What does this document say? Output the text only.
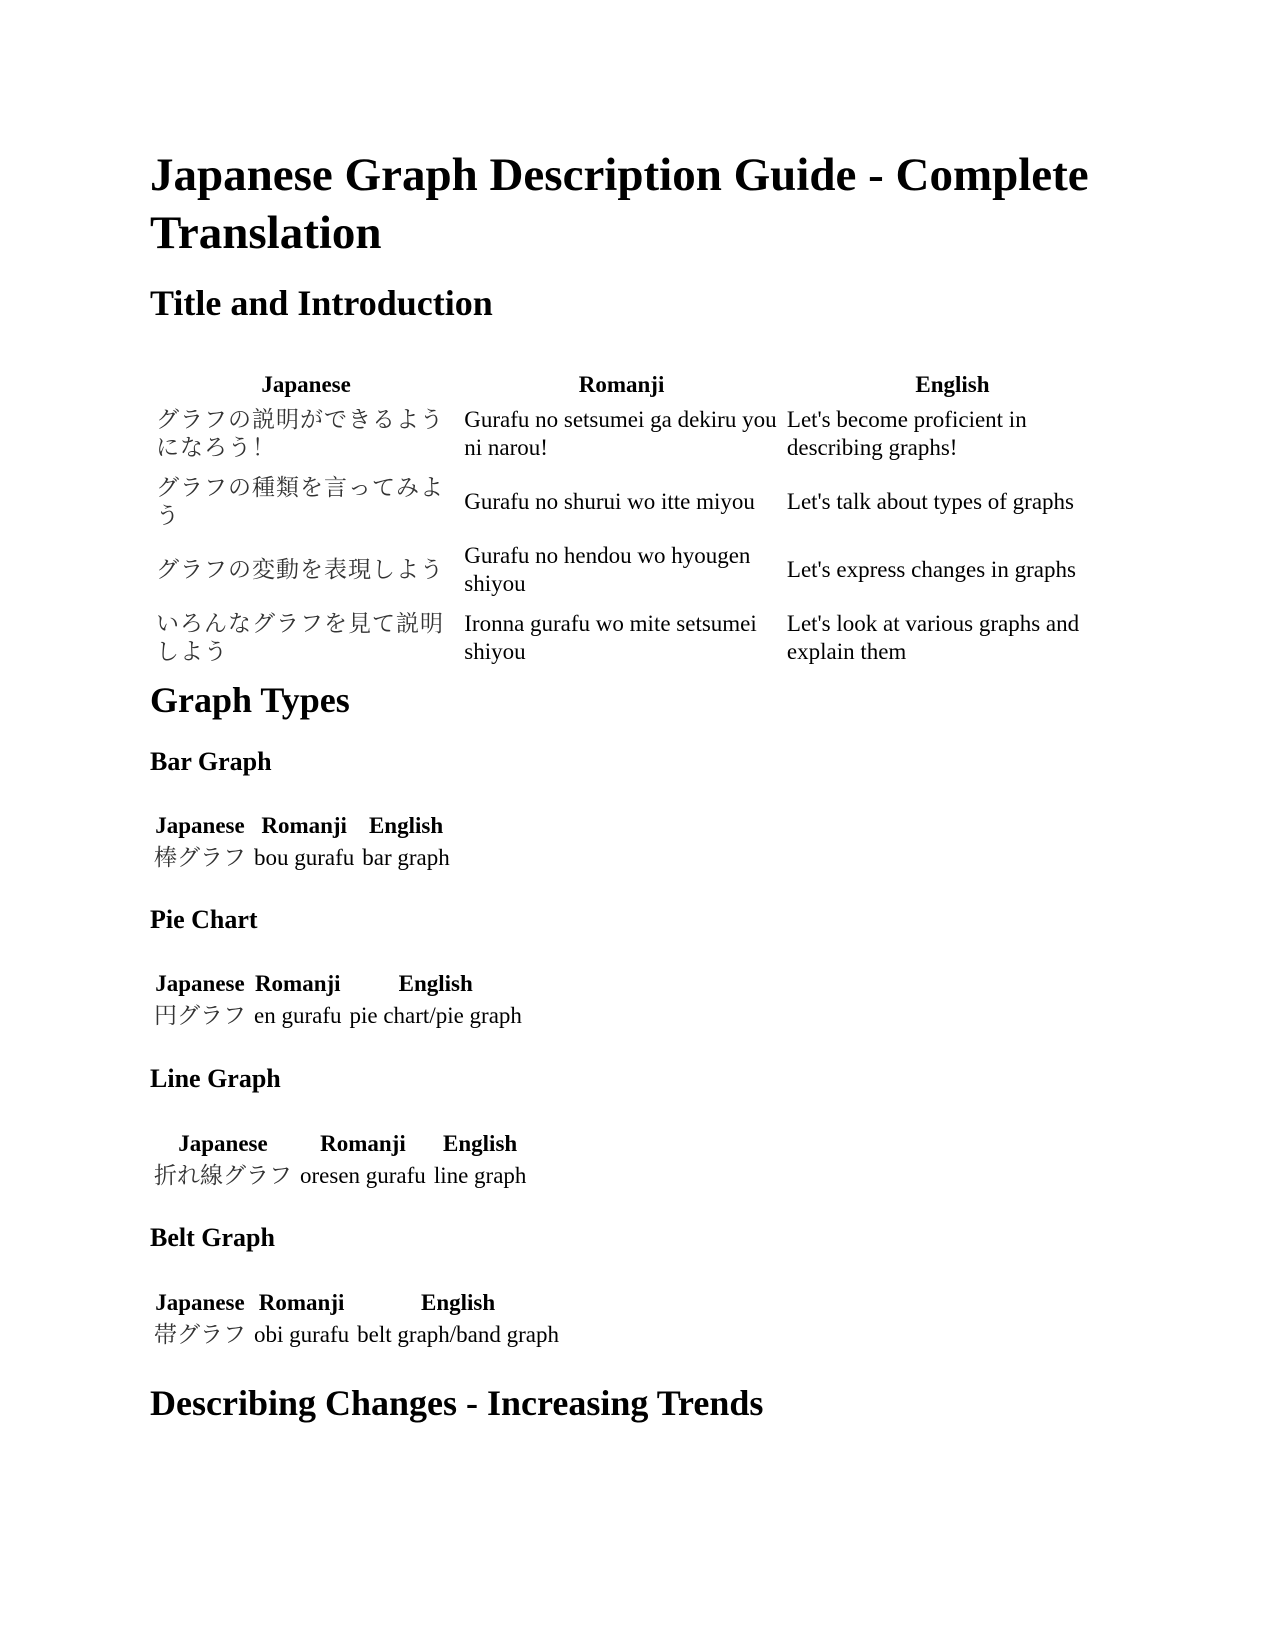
Japanese Graph Description Guide - Complete Translation
Title and Introduction
Japanese	Romanji	English
グラフの説明ができるようになろう！	Gurafu no setsumei ga dekiru you ni narou!	Let's become proficient in describing graphs!
グラフの種類を言ってみよう	Gurafu no shurui wo itte miyou	Let's talk about types of graphs
グラフの変動を表現しよう	Gurafu no hendou wo hyougen shiyou	Let's express changes in graphs
いろんなグラフを見て説明しよう	Ironna gurafu wo mite setsumei shiyou	Let's look at various graphs and explain them
Graph Types
Bar Graph
Japanese	Romanji	English
棒グラフ	bou gurafu	bar graph
Pie Chart
Japanese	Romanji	English
円グラフ	en gurafu	pie chart/pie graph
Line Graph
Japanese	Romanji	English
折れ線グラフ	oresen gurafu	line graph
Belt Graph
Japanese	Romanji	English
帯グラフ	obi gurafu	belt graph/band graph
Describing Changes - Increasing Trends
